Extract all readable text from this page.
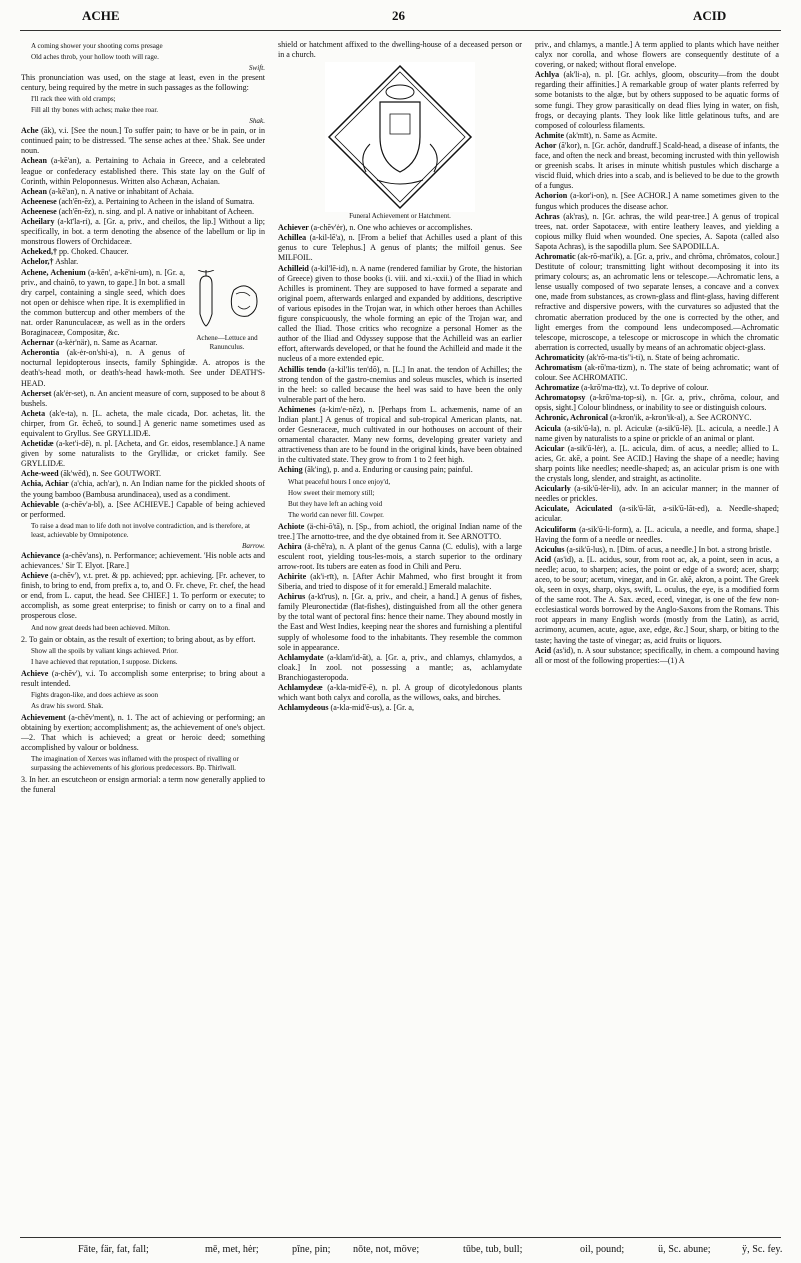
ACHE	26	ACID
A coming shower your shooting corns presage
Old aches throb, your hollow tooth will rage.
Swift.

This pronunciation was used, on the stage at least, even in the present century, being required by the metre in such passages as the following:

I'll rack thee with old cramps;
Fill all thy bones with aches; make thee roar.
Shak.

Ache (āk), v.i. [See the noun.] To suffer pain; to have or be in pain, or in continued pain; to be distressed. 'The sense aches at thee.' Shak. See under noun.

Achean (a-kē'an), a. Pertaining to Achaia in Greece, and a celebrated league or confederacy established there. This state lay on the Gulf of Corinth, within Peloponnesus. Written also Achæan, Achaian.

Achean (a-kē'an), n. A native or inhabitant of Achaia.

Acheenese (ach'ēn-ēz), a. Pertaining to Acheen in the island of Sumatra.

Acheenese (ach'ēn-ēz), n. sing. and pl. A native or inhabitant of Acheen.

Acheilary (a-kī'la-ri), a. [Gr. a, priv., and cheilos, the lip.] Without a lip; specifically, in bot. a term denoting the absence of the labellum or lip in monstrous flowers of Orchidaceæ.

Acheked,† pp. Choked. Chaucer.

Achelor,† Ashlar.

Achene—Lettuce and Ranunculus.
Achene, Achenium (a-kēn', a-kē'ni-um), n. [Gr. a, priv., and chainō, to yawn, to gape.] In bot. a small dry carpel, containing a single seed, which does not open or dehisce when ripe. It is exemplified in the common buttercup and other members of the nat. order Ranunculaceæ, as well as in the orders Boraginaceæ, Compositæ, &c.

Achernar (a-kėr'när), n. Same as Acarnar.

Acherontia (ak-ėr-on'shi-a), n. A genus of nocturnal lepidopterous insects, family Sphingidæ. A. atropos is the death's-head moth, or death's-head hawk-moth. See under DEATH'S-HEAD.

Acherset (ak'ėr-set), n. An ancient measure of corn, supposed to be about 8 bushels.

Acheta (ak'e-ta), n. [L. acheta, the male cicada, Dor. achetas, lit. the chirper, from Gr. ēcheō, to sound.] A generic name sometimes used as equivalent to Gryllus. See GRYLLIDÆ.

Achetidæ (a-ket'i-dē), n. pl. [Acheta, and Gr. eidos, resemblance.] A name given by some naturalists to the Gryllidæ, or cricket family. See GRYLLIDÆ.

Ache-weed (āk'wēd), n. See GOUTWORT.

Achia, Achiar (a'chia, ach'ar), n. An Indian name for the pickled shoots of the young bamboo (Bambusa arundinacea), used as a condiment.

Achievable (a-chēv'a-bl), a. [See ACHIEVE.] Capable of being achieved or performed.

To raise a dead man to life doth not involve contradiction, and is therefore, at least, achievable by Omnipotence.
Barrow.

Achievance (a-chēv'ans), n. Performance; achievement. 'His noble acts and achievances.' Sir T. Elyot. [Rare.]

Achieve (a-chēv'), v.t. pret. & pp. achieved; ppr. achieving. [Fr. achever, to finish, to bring to end, from prefix a, to, and O. Fr. cheve, Fr. chef, the head or end, from L. caput, the head. See CHIEF.] 1. To perform or execute; to accomplish, as some great enterprise; to finish or carry on to a final and prosperous close.

And now great deeds had been achieved. Milton.

2. To gain or obtain, as the result of exertion; to bring about, as by effort.

Show all the spoils by valiant kings achieved. Prior.
I have achieved that reputation, I suppose. Dickens.

Achieve (a-chēv'), v.i. To accomplish some enterprise; to bring about a result intended.

Fights dragon-like, and does achieve as soon
As draw his sword. Shak.

Achievement (a-chēv'ment), n. 1. The act of achieving or performing; an obtaining by exertion; accomplishment; as, the achievement of one's object.—2. That which is achieved; a great or heroic deed; something accomplished by valour or boldness.

The imagination of Xerxes was inflamed with the prospect of rivalling or surpassing the achievements of his glorious predecessors. Bp. Thirlwall.

3. In her. an escutcheon or ensign armorial: a term now generally applied to the funeral

shield or hatchment affixed to the dwelling-house of a deceased person or in a church.

Funeral Achievement or Hatchment.

Achiever (a-chēv'ėr), n. One who achieves or accomplishes.

Achillea (a-kil-lē'a), n. [From a belief that Achilles used a plant of this genus to cure Telephus.] A genus of plants; the milfoil genus. See MILFOIL.

Achilleid (a-kil'lē-id), n. A name (rendered familiar by Grote, the historian of Greece) given to those books (i. viii. and xi.-xxii.) of the Iliad in which Achilles is prominent. They are supposed to have formed a separate and original poem, afterwards enlarged and expanded by additions, descriptive of various episodes in the Trojan war, in which other heroes than Achilles figure conspicuously, the whole forming an epic of the Trojan war, and called the Iliad. Those critics who recognize a personal Homer as the author of the Iliad and Odyssey suppose that the Achilleid was an earlier effort, afterwards developed, or that he found the Achilleid and made it the nucleus of a more extended epic.

Achillis tendo (a-kil'lis ten'dō), n. [L.] In anat. the tendon of Achilles; the strong tendon of the gastro-cnemius and soleus muscles, which is inserted in the heel: so called because the heel was said to have been the only vulnerable part of the hero.

Achimenes (a-kim'e-nēz), n. [Perhaps from L. achæmenis, name of an Indian plant.] A genus of tropical and sub-tropical American plants, nat. order Gesneraceæ, much cultivated in our hothouses on account of their ornamental character. Many new forms, developing greater variety and attractiveness than are to be found in the original kinds, have been obtained in the cultivated state. They grow to from 1 to 2 feet high.

Aching (āk'ing), p. and a. Enduring or causing pain; painful.

What peaceful hours I once enjoy'd,
How sweet their memory still;
But they have left an aching void
The world can never fill. Cowper.

Achiote (ä-chi-ō'tā), n. [Sp., from achiotl, the original Indian name of the tree.] The arnotto-tree, and the dye obtained from it. See ARNOTTO.

Achira (ä-chē'ra), n. A plant of the genus Canna (C. edulis), with a large esculent root, yielding tous-les-mois, a starch superior to the ordinary arrow-root. Its tubers are eaten as food in Chili and Peru.

Achirite (ak'i-rīt), n. [After Achir Mahmed, who first brought it from Siberia, and tried to dispose of it for emerald.] Emerald malachite.

Achirus (a-kī'rus), n. [Gr. a, priv., and cheir, a hand.] A genus of fishes, family Pleuronectidæ (flat-fishes), distinguished from all the other genera by the total want of pectoral fins: hence their name. They abound mostly in the East and West Indies, keeping near the shores and furnishing a plentiful supply of wholesome food to the inhabitants. They resemble the common sole in appearance.

Achlamydate (a-klam'id-āt), a. [Gr. a, priv., and chlamys, chlamydos, a cloak.] In zool. not possessing a mantle; as, achlamydate Branchiogasteropoda.

Achlamydeæ (a-kla-mid'ē-ē), n. pl. A group of dicotyledonous plants which want both calyx and corolla, as the willows, oaks, and birches.

Achlamydeous (a-kla-mid'ē-us), a. [Gr. a,

priv., and chlamys, a mantle.] A term applied to plants which have neither calyx nor corolla, and whose flowers are consequently destitute of a covering, or naked; without floral envelope.

Achlya (ak'li-a), n. pl. [Gr. achlys, gloom, obscurity—from the doubt regarding their affinities.] A remarkable group of water plants referred by some botanists to the algæ, but by others supposed to be aquatic forms of some fungi. They grow parasitically on dead flies lying in water, on fish, frogs, or decaying plants. They look like little gelatinous tufts, and are composed of colourless filaments.

Achmite (ak'mīt), n. Same as Acmite.

Achor (ā'kor), n. [Gr. achōr, dandruff.] Scald-head, a disease of infants, the face, and often the neck and breast, becoming incrusted with thin yellowish or greenish scabs. It arises in minute whitish pustules which discharge a viscid fluid, which dries into a scab, and is believed to be due to the growth of a fungus.

Achorion (a-kor'i-on), n. [See ACHOR.] A name sometimes given to the fungus which produces the disease achor.

Achras (ak'ras), n. [Gr. achras, the wild pear-tree.] A genus of tropical trees, nat. order Sapotaceæ, with entire leathery leaves, and yielding a copious milky fluid when wounded. One species, A. Sapota (called also Sapota Achras), is the sapodilla plum. See SAPODILLA.

Achromatic (ak-rō-mat'ik), a. [Gr. a, priv., and chrōma, chrōmatos, colour.] Destitute of colour; transmitting light without decomposing it into its primary colours; as, an achromatic lens or telescope.—Achromatic lens, a lense usually composed of two separate lenses, a concave and a convex one, made from substances, as crown-glass and flint-glass, having different refractive and dispersive powers, with the curvatures so adjusted that the chromatic aberration produced by the one is corrected by the other, and light emerges from the compound lens undecomposed.—Achromatic telescope, microscope, a telescope or microscope in which the chromatic aberration is corrected, usually by means of an achromatic object-glass.

Achromaticity (ak'rō-ma-tis"i-ti), n. State of being achromatic.

Achromatism (ak-rō'ma-tizm), n. The state of being achromatic; want of colour. See ACHROMATIC.

Achromatize (a-krō'ma-tīz), v.t. To deprive of colour.

Achromatopsy (a-krō'ma-top-si), n. [Gr. a, priv., chrōma, colour, and opsis, sight.] Colour blindness, or inability to see or distinguish colours.

Achronic, Achronical (a-kron'ik, a-kron'ik-al), a. See ACRONYC.

Acicula (a-sik'ū-la), n. pl. Aciculæ (a-sik'ū-lē). [L. acicula, a needle.] A name given by naturalists to a spine or prickle of an animal or plant.

Acicular (a-sik'ū-lėr), a. [L. acicula, dim. of acus, a needle; allied to L. acies, Gr. akē, a point. See ACID.] Having the shape of a needle; having sharp points like needles; needle-shaped; as, an acicular prism is one with the crystals long, slender, and straight, as actinolite.

Acicularly (a-sik'ū-lėr-li), adv. In an acicular manner; in the manner of needles or prickles.

Aciculate, Aciculated (a-sik'ū-lāt, a-sik'ū-lāt-ed), a. Needle-shaped; acicular.

Aciculiform (a-sik'ū-li-form), a. [L. acicula, a needle, and forma, shape.] Having the form of a needle or needles.

Aciculus (a-sik'ū-lus), n. [Dim. of acus, a needle.] In bot. a strong bristle.

Acid (as'id), a. [L. acidus, sour, from root ac, ak, a point, seen in acus, a needle; acuo, to sharpen; acies, the point or edge of a sword; acer, sharp; aceo, to be sour; acetum, vinegar, and in Gr. akē, akron, a point. The Greek ok, seen in oxys, sharp, okys, swift, L. oculus, the eye, is a modified form of the same root. The A. Sax. æced, eced, vinegar, is one of the few non-ecclesiastical words borrowed by the Anglo-Saxons from the Romans. This root appears in many English words (mostly from the Latin), as acrid, acrimony, acumen, acute, ague, axe, edge, &c.] Sour, sharp, or biting to the taste; having the taste of vinegar; as, acid fruits or liquors.

Acid (as'id), n. A sour substance; specifically, in chem. a compound having all or most of the following properties:—(1) A

Fāte, fär, fat, fall;	mē, met, hėr;	pīne, pin; nōte, not, möve;	tūbe, tub, bull;	oil, pound;	ü, Sc. abune;	ÿ, Sc. fey.
